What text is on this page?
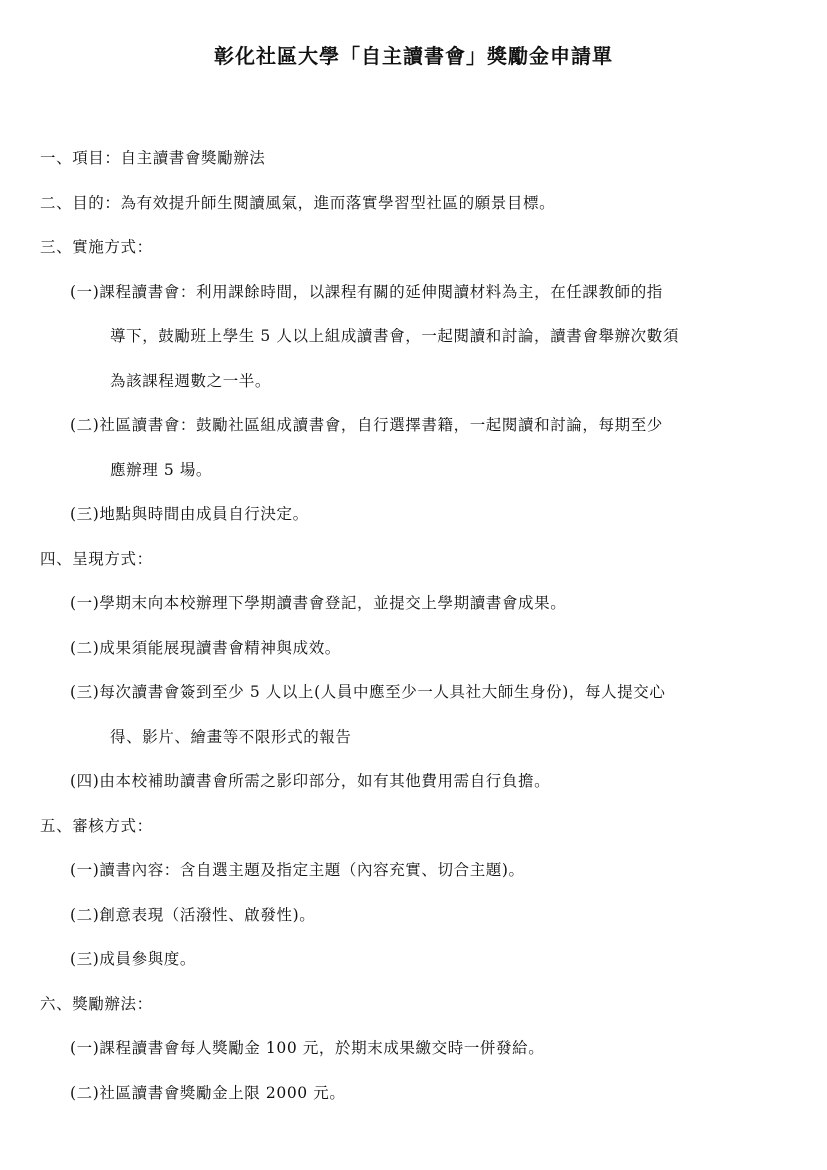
彰化社區大學「自主讀書會」獎勵金申請單
一、項目：自主讀書會獎勵辦法
二、目的：為有效提升師生閱讀風氣，進而落實學習型社區的願景目標。
三、實施方式：
(一)課程讀書會：利用課餘時間，以課程有關的延伸閱讀材料為主，在任課教師的指
導下，鼓勵班上學生 5 人以上組成讀書會，一起閱讀和討論，讀書會舉辦次數須
為該課程週數之一半。
(二)社區讀書會：鼓勵社區組成讀書會，自行選擇書籍，一起閱讀和討論，每期至少
應辦理 5 場。
(三)地點與時間由成員自行決定。
四、呈現方式：
(一)學期末向本校辦理下學期讀書會登記，並提交上學期讀書會成果。
(二)成果須能展現讀書會精神與成效。
(三)每次讀書會簽到至少 5 人以上(人員中應至少一人具社大師生身份)，每人提交心
得、影片、繪畫等不限形式的報告
(四)由本校補助讀書會所需之影印部分，如有其他費用需自行負擔。
五、審核方式：
(一)讀書內容：含自選主題及指定主題（內容充實、切合主題)。
(二)創意表現（活潑性、啟發性)。
(三)成員參與度。
六、獎勵辦法：
(一)課程讀書會每人獎勵金 100 元，於期末成果繳交時一併發給。
(二)社區讀書會獎勵金上限 2000 元。
